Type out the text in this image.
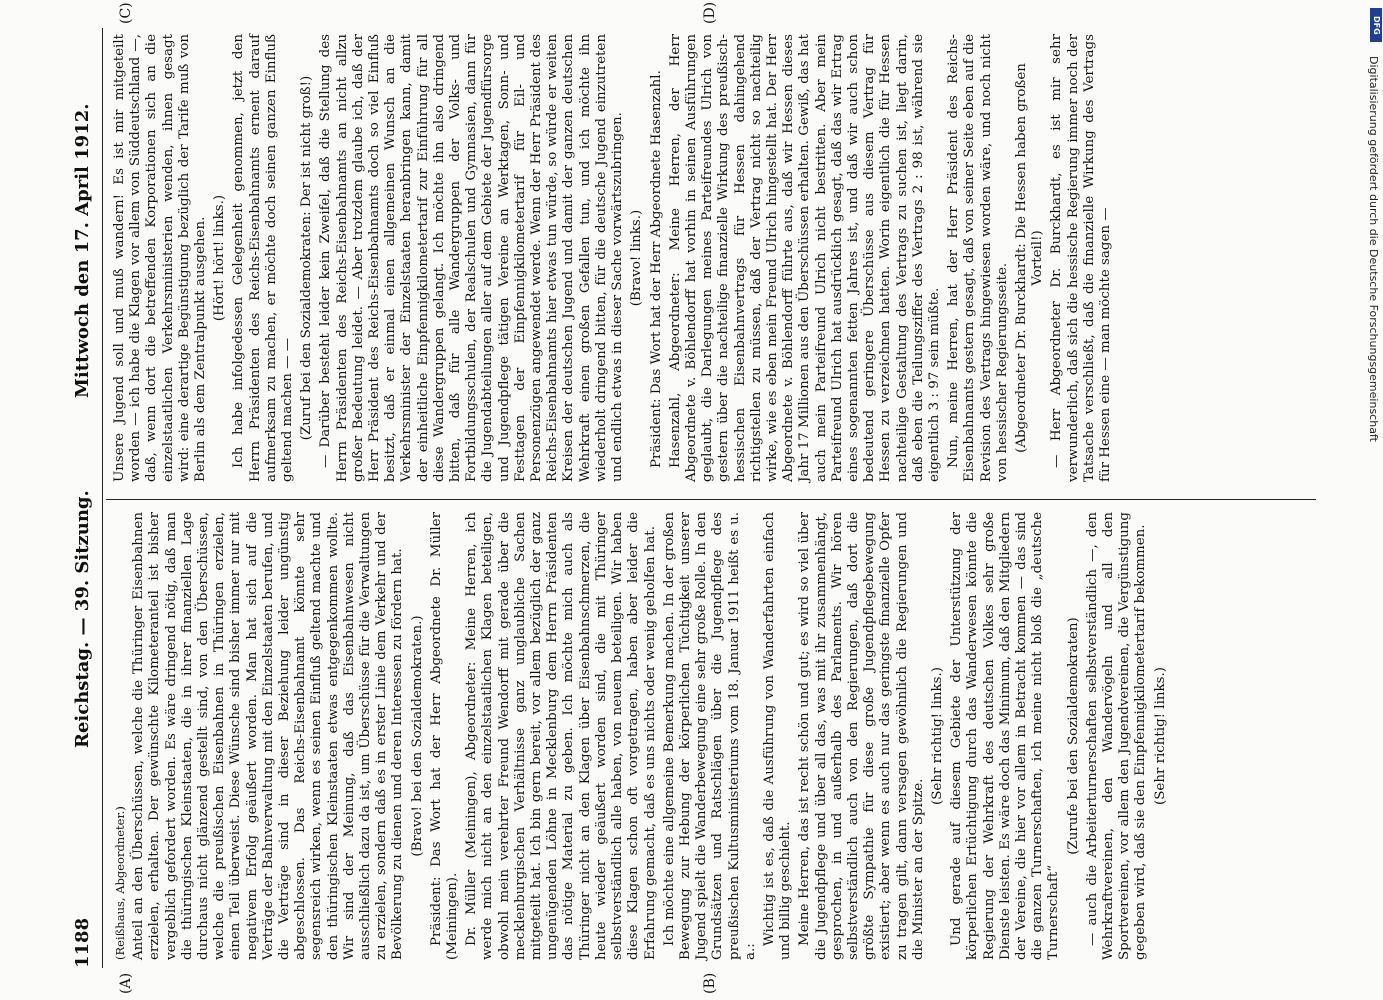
1188
Reichstag. — 39. Sitzung.
Mittwoch den 17. April 1912.
(A)	(B)
(C)	(D)

(Reißhaus, Abgeordneter.) Anteil an den Überschüssen, welche die Thüringer Eisenbahnen erzielen, erhalten. Der gewünschte Kilometeranteil ist bisher vergeblich gefordert worden. Es wäre dringend nötig, daß man die thüringischen Kleinstaaten, die in ihrer finanziellen Lage durchaus nicht glänzend gestellt sind, von den Überschüssen, welche die preußischen Eisenbahnen in Thüringen erzielen, einen Teil überweist. Diese Wünsche sind bisher immer nur mit negativem Erfolg geäußert worden. Man hat sich auf die Verträge der Bahnverwaltung mit den Einzelstaaten berufen, und die Verträge sind in dieser Beziehung leider ungünstig abgeschlossen. Das Reichs-Eisenbahnamt könnte sehr segensreich wirken, wenn es seinen Einfluß geltend machte und den thüringischen Kleinstaaten etwas entgegenkommen wollte. Wir sind der Meinung, daß das Eisenbahnwesen nicht ausschließlich dazu da ist, um Überschüsse für die Verwaltungen zu erzielen, sondern daß es in erster Linie dem Verkehr und der Bevölkerung zu dienen und deren Interessen zu fördern hat. (Bravo! bei den Sozialdemokraten.) Präsident: Das Wort hat der Herr Abgeordnete Dr. Müller (Meiningen). Dr. Müller (Meiningen), Abgeordneter: Meine Herren, ich werde mich nicht an den einzelstaatlichen Klagen beteiligen, obwohl mein verehrter Freund Wendorff mit gerade über die mecklenburgischen Verhältnisse ganz unglaubliche Sachen mitgeteilt hat. Ich bin gern bereit, vor allem bezüglich der ganz ungenügenden Löhne in Mecklenburg dem Herrn Präsidenten das nötige Material zu geben. Ich möchte mich auch als Thüringer nicht an den Klagen über Eisenbahnschmerzen, die heute wieder geäußert worden sind, die mit Thüringer selbstverständlich alle haben, von neuem beteiligen. Wir haben diese Klagen schon oft vorgetragen, haben aber leider die Erfahrung gemacht, daß es uns nichts oder wenig geholfen hat. Ich möchte eine allgemeine Bemerkung machen. In der großen Bewegung zur Hebung der körperlichen Tüchtigkeit unserer Jugend spielt die Wanderbewegung eine sehr große Rolle. In den Grundsätzen und Ratschlägen über die Jugendpflege des preußischen Kultusministeriums vom 18. Januar 1911 heißt es u. a.:

Wichtig ist es, daß die Ausführung von Wanderfahrten einfach und billig geschieht. Meine Herren, das ist recht schön und gut; es wird so viel über die Jugendpflege und über all das, was mit ihr zusammenhängt, gesprochen, in und außerhalb des Parlaments. Wir hören selbstverständlich auch von den Regierungen, daß dort die größte Sympathie für diese große Jugendpflegebewegung existiert; aber wenn es auch nur das geringste finanzielle Opfer zu tragen gilt, dann versagen gewöhnlich die Regierungen und die Minister an der Spitze.

(Sehr richtig! links.) Und gerade auf diesem Gebiete der Unterstützung der körperlichen Ertüchtigung durch das Wanderwesen könnte die Regierung der Wehrkraft des deutschen Volkes sehr große Dienste leisten. Es wäre doch das Minimum, daß den Mitgliedern der Vereine, die hier vor allem in Betracht kommen — das sind die ganzen Turnerschaften, ich meine nicht bloß die „deutsche Turnerschaft“

(Zurufe bei den Sozialdemokraten) — auch die Arbeiterturnerschaften selbstverständlich —, den Wehrkraftvereinen, den Wandervögeln und all den Sportvereinen, vor allem den Jugendvereinen, die Vergünstigung gegeben wird, daß sie den Einpfennigkilometertarif bekommen. (Sehr richtig! links.)

Unsere Jugend soll und muß wandern! Es ist mir mitgeteilt worden — ich habe die Klagen vor allem von Süddeutschland —, daß, wenn dort die betreffenden Korporationen sich an die einzelstaatlichen Verkehrsministerien wenden, ihnen gesagt wird: eine derartige Begünstigung bezüglich der Tarife muß von Berlin als dem Zentralpunkt ausgehen. (Hört! hört! links.) Ich habe infolgedessen Gelegenheit genommen, jetzt den Herrn Präsidenten des Reichs-Eisenbahnamts ernent darauf aufmerksam zu machen, er möchte doch seinen ganzen Einfluß geltend machen — — (Zuruf bei den Sozialdemokraten: Der ist nicht groß!) — Darüber besteht leider kein Zweifel, daß die Stellung des Herrn Präsidenten des Reichs-Eisenbahnamts an nicht allzu großer Bedeutung leidet. — Aber trotzdem glaube ich, daß der Herr Präsident des Reichs-Eisenbahnamts doch so viel Einfluß besitzt, daß er einmal einen allgemeinen Wunsch an die Verkehrsminister der Einzelstaaten heranbringen kann, damit der einheitliche Einpfennigkilometertarif zur Einführung für all diese Wandergruppen gelangt. Ich möchte ihn also dringend bitten, daß für alle Wandergruppen der Volks- und Fortbildungsschulen, der Realschulen und Gymnasien, dann für die Jugendabteilungen aller auf dem Gebiete der Jugendfürsorge und Jugendpflege tätigen Vereine an Werktagen, Sonn- und Festtagen der Einpfennigkilometertarif für Eil- und Personenzügen angewendet werde. Wenn der Herr Präsident des Reichs-Eisenbahnamts hier etwas tun würde, so würde er weiten Kreisen der deutschen Jugend und damit der ganzen deutschen Wehrkraft einen großen Gefallen tun, und ich möchte ihn wiederholt dringend bitten, für die deutsche Jugend einzutreten und endlich etwas in dieser Sache vorwärtszubringen. (Bravo! links.) Präsident: Das Wort hat der Herr Abgeordnete Hasenzahl. Hasenzahl, Abgeordneter: Meine Herren, der Herr Abgeordnete v. Böhlendorff hat vorhin in seinen Ausführungen geglaubt, die Darlegungen meines Parteifreundes Ulrich von gestern über die nachteilige finanzielle Wirkung des preußisch-hessischen Eisenbahnvertrags für Hessen dahingehend richtigstellen zu müssen, daß der Vertrag nicht so nachteilig wirke, wie es eben mein Freund Ulrich hingestellt hat. Der Herr Abgeordnete v. Böhlendorff führte aus, daß wir Hessen dieses Jahr 17 Millionen aus den Überschüssen erhalten. Gewiß, das hat auch mein Parteifreund Ulrich nicht bestritten. Aber mein Parteifreund Ulrich hat ausdrücklich gesagt, daß das wir Ertrag eines sogenannten fetten Jahres ist, und daß wir auch schon bedeutend geringere Überschüsse aus diesem Vertrag für Hessen zu verzeichnen hatten. Worin eigentlich die für Hessen nachteilige Gestaltung des Vertrags zu suchen ist, liegt darin, daß eben die Teilungsziffer des Vertrags 2 : 98 ist, während sie eigentlich 3 : 97 sein müßte. Nun, meine Herren, hat der Herr Präsident des Reichs-Eisenbahnamts gestern gesagt, daß von seiner Seite eben auf die Revision des Vertrags hingewiesen worden wäre, und noch nicht von hessischer Regierungsseite. (Abgeordneter Dr. Burckhardt: Die Hessen haben großen Vorteil!) — Herr Abgeordneter Dr. Burckhardt, es ist mir sehr verwunderlich, daß sich die hessische Regierung immer noch der Tatsache verschließt, daß die finanzielle Wirkung des Vertrags für Hessen eine — man möchte sagen —

DFG
Digitalisierung gefördert durch die Deutsche Forschungsgemeinschaft
